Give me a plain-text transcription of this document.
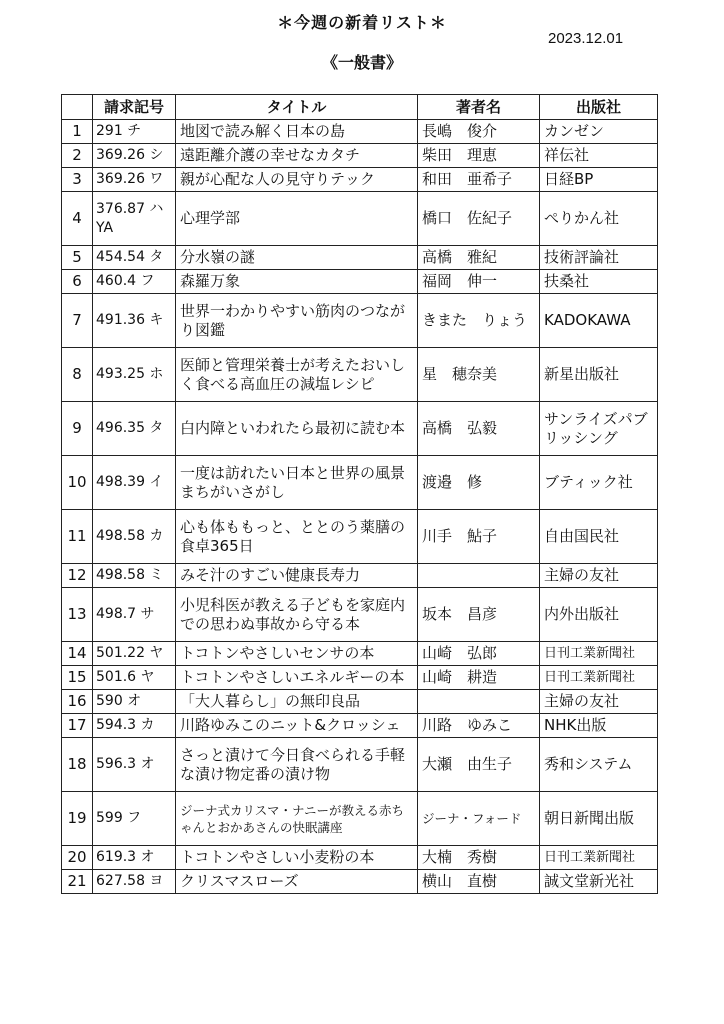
＊今週の新着リスト＊
2023.12.01
《一般書》
	請求記号	タイトル	著者名	出版社
1	291 チ	地図で読み解く日本の島	長嶋　俊介	カンゼン
2	369.26 シ	遠距離介護の幸せなカタチ	柴田　理恵	祥伝社
3	369.26 ワ	親が心配な人の見守りテック	和田　亜希子	日経BP
4	376.87 ハYA	心理学部	橋口　佐紀子	ぺりかん社
5	454.54 タ	分水嶺の謎	高橋　雅紀	技術評論社
6	460.4 フ	森羅万象	福岡　伸一	扶桑社
7	491.36 キ	世界一わかりやすい筋肉のつながり図鑑	きまた　りょう	KADOKAWA
8	493.25 ホ	医師と管理栄養士が考えたおいしく食べる高血圧の減塩レシピ	星　穂奈美	新星出版社
9	496.35 タ	白内障といわれたら最初に読む本	高橋　弘毅	サンライズパブリッシング
10	498.39 イ	一度は訪れたい日本と世界の風景まちがいさがし	渡邉　修	ブティック社
11	498.58 カ	心も体ももっと、ととのう薬膳の食卓365日	川手　鮎子	自由国民社
12	498.58 ミ	みそ汁のすごい健康長寿力		主婦の友社
13	498.7 サ	小児科医が教える子どもを家庭内での思わぬ事故から守る本	坂本　昌彦	内外出版社
14	501.22 ヤ	トコトンやさしいセンサの本	山崎　弘郎	日刊工業新聞社
15	501.6 ヤ	トコトンやさしいエネルギーの本	山崎　耕造	日刊工業新聞社
16	590 オ	「大人暮らし」の無印良品		主婦の友社
17	594.3 カ	川路ゆみこのニット&クロッシェ	川路　ゆみこ	NHK出版
18	596.3 オ	さっと漬けて今日食べられる手軽な漬け物定番の漬け物	大瀬　由生子	秀和システム
19	599 フ	ジーナ式カリスマ・ナニーが教える赤ちゃんとおかあさんの快眠講座	ジーナ・フォード	朝日新聞出版
20	619.3 オ	トコトンやさしい小麦粉の本	大楠　秀樹	日刊工業新聞社
21	627.58 ヨ	クリスマスローズ	横山　直樹	誠文堂新光社
